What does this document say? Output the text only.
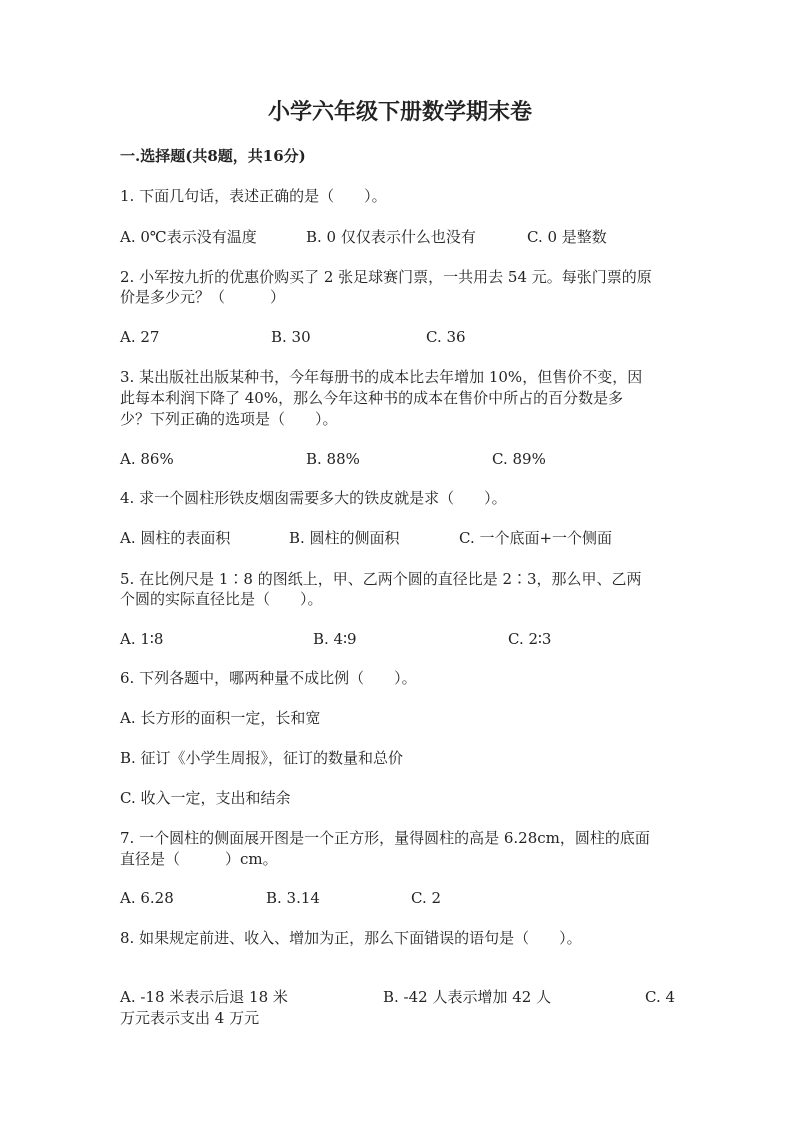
小学六年级下册数学期末卷
一.选择题(共8题，共16分)
1. 下面几句话，表述正确的是（　　）。
A. 0℃表示没有温度	B. 0 仅仅表示什么也没有	C. 0 是整数
2. 小军按九折的优惠价购买了 2 张足球赛门票，一共用去 54 元。每张门票的原
价是多少元？（　　　）
A. 27	B. 30	C. 36
3. 某出版社出版某种书，今年每册书的成本比去年增加 10%，但售价不变，因
此每本利润下降了 40%，那么今年这种书的成本在售价中所占的百分数是多
少？下列正确的选项是（　　）。
A. 86%	B. 88%	C. 89%
4. 求一个圆柱形铁皮烟囱需要多大的铁皮就是求（　　）。
A. 圆柱的表面积	B. 圆柱的侧面积	C. 一个底面+一个侧面
5. 在比例尺是 1∶8 的图纸上，甲、乙两个圆的直径比是 2∶3，那么甲、乙两
个圆的实际直径比是（　　）。
A. 1∶8	B. 4∶9	C. 2∶3
6. 下列各题中，哪两种量不成比例（　　）。
A. 长方形的面积一定，长和宽
B. 征订《小学生周报》，征订的数量和总价
C. 收入一定，支出和结余
7. 一个圆柱的侧面展开图是一个正方形，量得圆柱的高是 6.28cm，圆柱的底面
直径是（　　　）cm。
A. 6.28	B. 3.14	C. 2
8. 如果规定前进、收入、增加为正，那么下面错误的语句是（　　）。
A. -18 米表示后退 18 米	B. -42 人表示增加 42 人	C. 4
万元表示支出 4 万元
